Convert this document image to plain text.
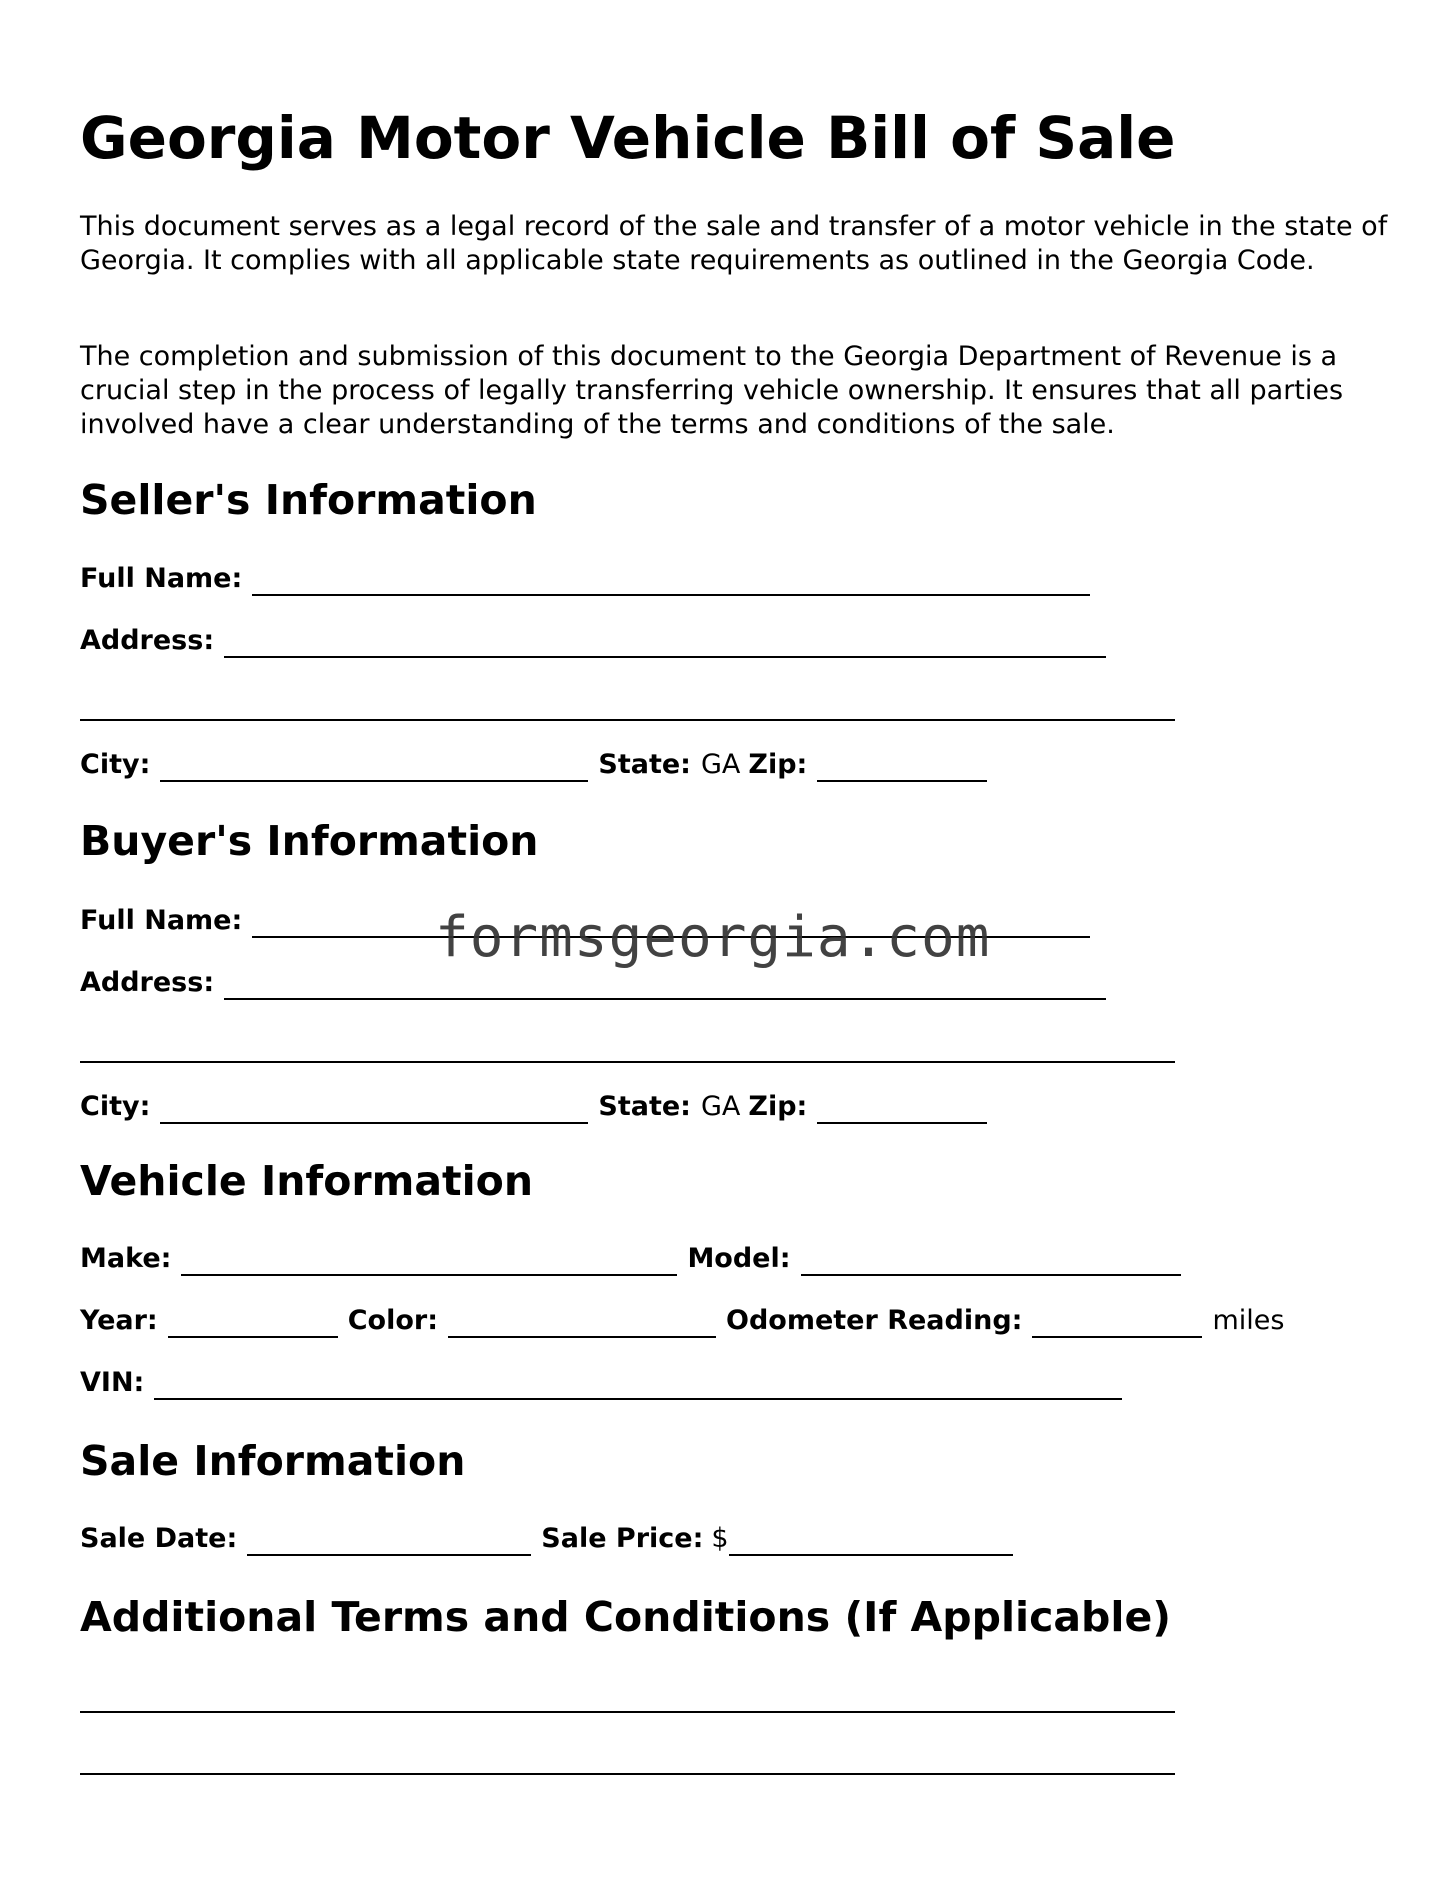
Georgia Motor Vehicle Bill of Sale

This document serves as a legal record of the sale and transfer of a motor vehicle in the state of Georgia. It complies with all applicable state requirements as outlined in the Georgia Code.

The completion and submission of this document to the Georgia Department of Revenue is a crucial step in the process of legally transferring vehicle ownership. It ensures that all parties involved have a clear understanding of the terms and conditions of the sale.

Seller's Information
Full Name:
Address:
City:	State: GA Zip:
Buyer's Information
Full Name:
Address:
City:	State: GA Zip:
Vehicle Information
Make:	Model:
Year:	Color:	Odometer Reading:	miles
VIN:
Sale Information
Sale Date:	Sale Price: $
Additional Terms and Conditions (If Applicable)
formsgeorgia.com
